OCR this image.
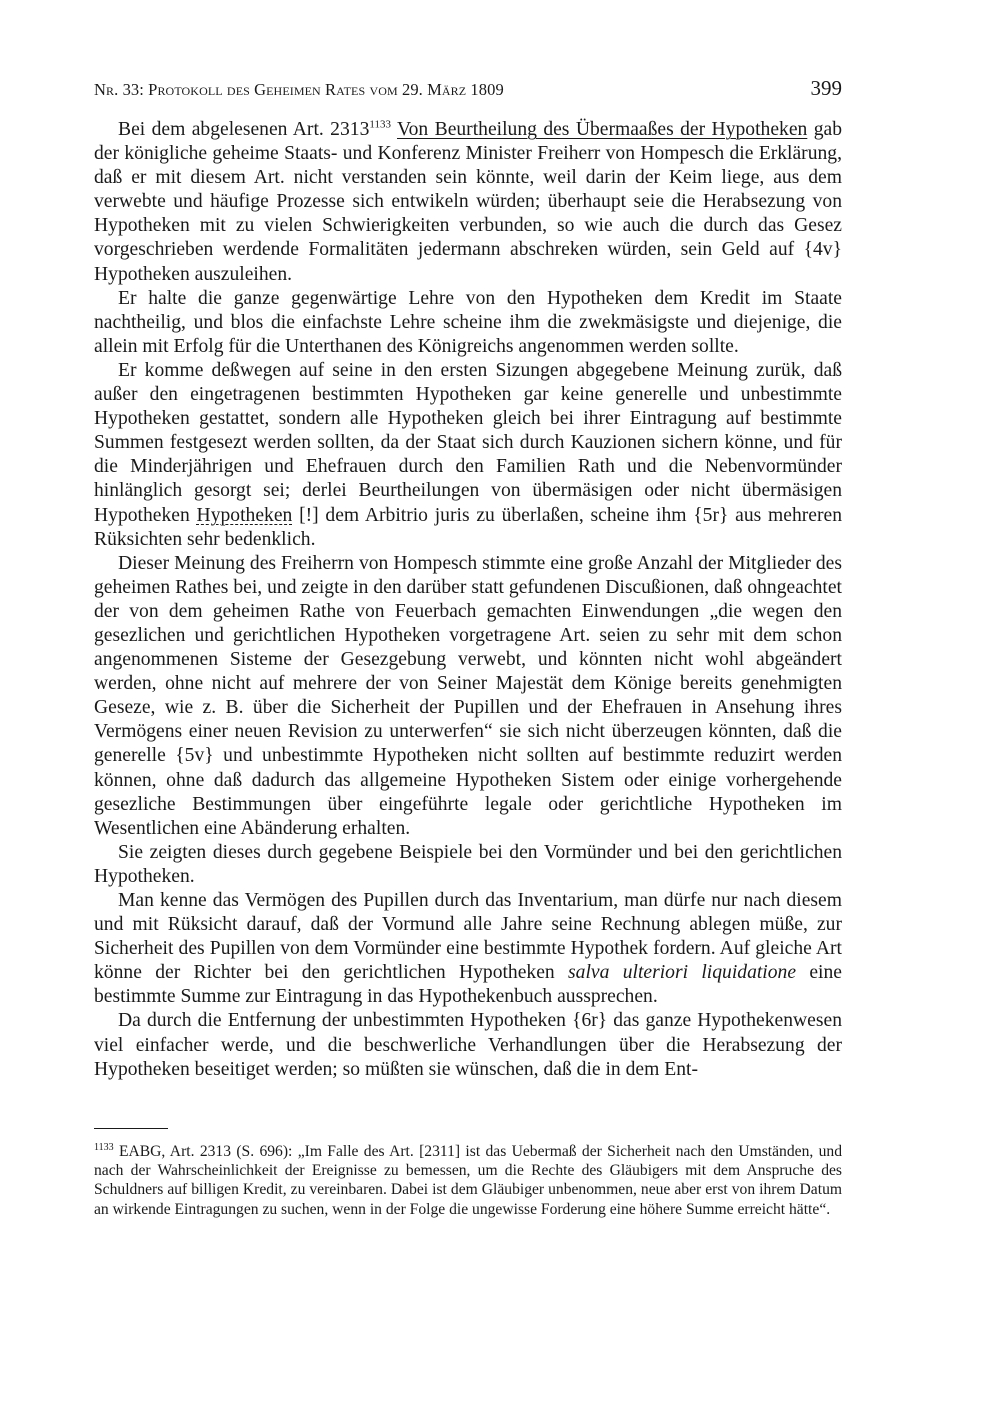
Nr. 33: Protokoll des Geheimen Rates vom 29. März 1809	399

Bei dem abgelesenen Art. $2313^{1133}$ Von Beurtheilung des Übermaaßes der Hypotheken gab der königliche geheime Staats- und Konferenz Minister Freiherr von Hompesch die Erklärung, daß er mit diesem Art. nicht verstanden sein könnte, weil darin der Keim liege, aus dem verwebte und häufige Prozesse sich entwikeln würden; überhaupt seie die Herabsezung von Hypotheken mit zu vielen Schwierigkeiten verbunden, so wie auch die durch das Gesez vorgeschrieben werdende Formalitäten jedermann abschreken würden, sein Geld auf {4v} Hypotheken auszuleihen.

Er halte die ganze gegenwärtige Lehre von den Hypotheken dem Kredit im Staate nachtheilig, und blos die einfachste Lehre scheine ihm die zwekmäsigste und diejenige, die allein mit Erfolg für die Unterthanen des Königreichs angenommen werden sollte.

Er komme deßwegen auf seine in den ersten Sizungen abgegebene Meinung zurük, daß außer den eingetragenen bestimmten Hypotheken gar keine generelle und unbestimmte Hypotheken gestattet, sondern alle Hypotheken gleich bei ihrer Eintragung auf bestimmte Summen festgesezt werden sollten, da der Staat sich durch Kauzionen sichern könne, und für die Minderjährigen und Ehefrauen durch den Familien Rath und die Nebenvormünder hinlänglich gesorgt sei; derlei Beurtheilungen von übermäsigen oder nicht übermäsigen Hypotheken Hypotheken [!] dem Arbitrio juris zu überlaßen, scheine ihm {5r} aus mehreren Rüksichten sehr bedenklich.

Dieser Meinung des Freiherrn von Hompesch stimmte eine große Anzahl der Mitglieder des geheimen Rathes bei, und zeigte in den darüber statt gefundenen Discußionen, daß ohngeachtet der von dem geheimen Rathe von Feuerbach gemachten Einwendungen „die wegen den gesezlichen und gerichtlichen Hypotheken vorgetragene Art. seien zu sehr mit dem schon angenommenen Sisteme der Gesezgebung verwebt, und könnten nicht wohl abgeändert werden, ohne nicht auf mehrere der von Seiner Majestät dem Könige bereits genehmigten Geseze, wie z. B. über die Sicherheit der Pupillen und der Ehefrauen in Ansehung ihres Vermögens einer neuen Revision zu unterwerfen“ sie sich nicht überzeugen könnten, daß die generelle {5v} und unbestimmte Hypotheken nicht sollten auf bestimmte reduzirt werden können, ohne daß dadurch das allgemeine Hypotheken Sistem oder einige vorhergehende gesezliche Bestimmungen über eingeführte legale oder gerichtliche Hypotheken im Wesentlichen eine Abänderung erhalten.

Sie zeigten dieses durch gegebene Beispiele bei den Vormünder und bei den gerichtlichen Hypotheken.

Man kenne das Vermögen des Pupillen durch das Inventarium, man dürfe nur nach diesem und mit Rüksicht darauf, daß der Vormund alle Jahre seine Rechnung ablegen müße, zur Sicherheit des Pupillen von dem Vormünder eine bestimmte Hypothek fordern. Auf gleiche Art könne der Richter bei den gerichtlichen Hypotheken salva ulteriori liquidatione eine bestimmte Summe zur Eintragung in das Hypothekenbuch aussprechen.

Da durch die Entfernung der unbestimmten Hypotheken {6r} das ganze Hypothekenwesen viel einfacher werde, und die beschwerliche Verhandlungen über die Herabsezung der Hypotheken beseitiget werden; so müßten sie wünschen, daß die in dem Ent-

$^{1133}$ EABG, Art. 2313 (S. 696): „Im Falle des Art. [2311] ist das Uebermaß der Sicherheit nach den Umständen, und nach der Wahrscheinlichkeit der Ereignisse zu bemessen, um die Rechte des Gläubigers mit dem Anspruche des Schuldners auf billigen Kredit, zu vereinbaren. Dabei ist dem Gläubiger unbenommen, neue aber erst von ihrem Datum an wirkende Eintragungen zu suchen, wenn in der Folge die ungewisse Forderung eine höhere Summe erreicht hätte“.
